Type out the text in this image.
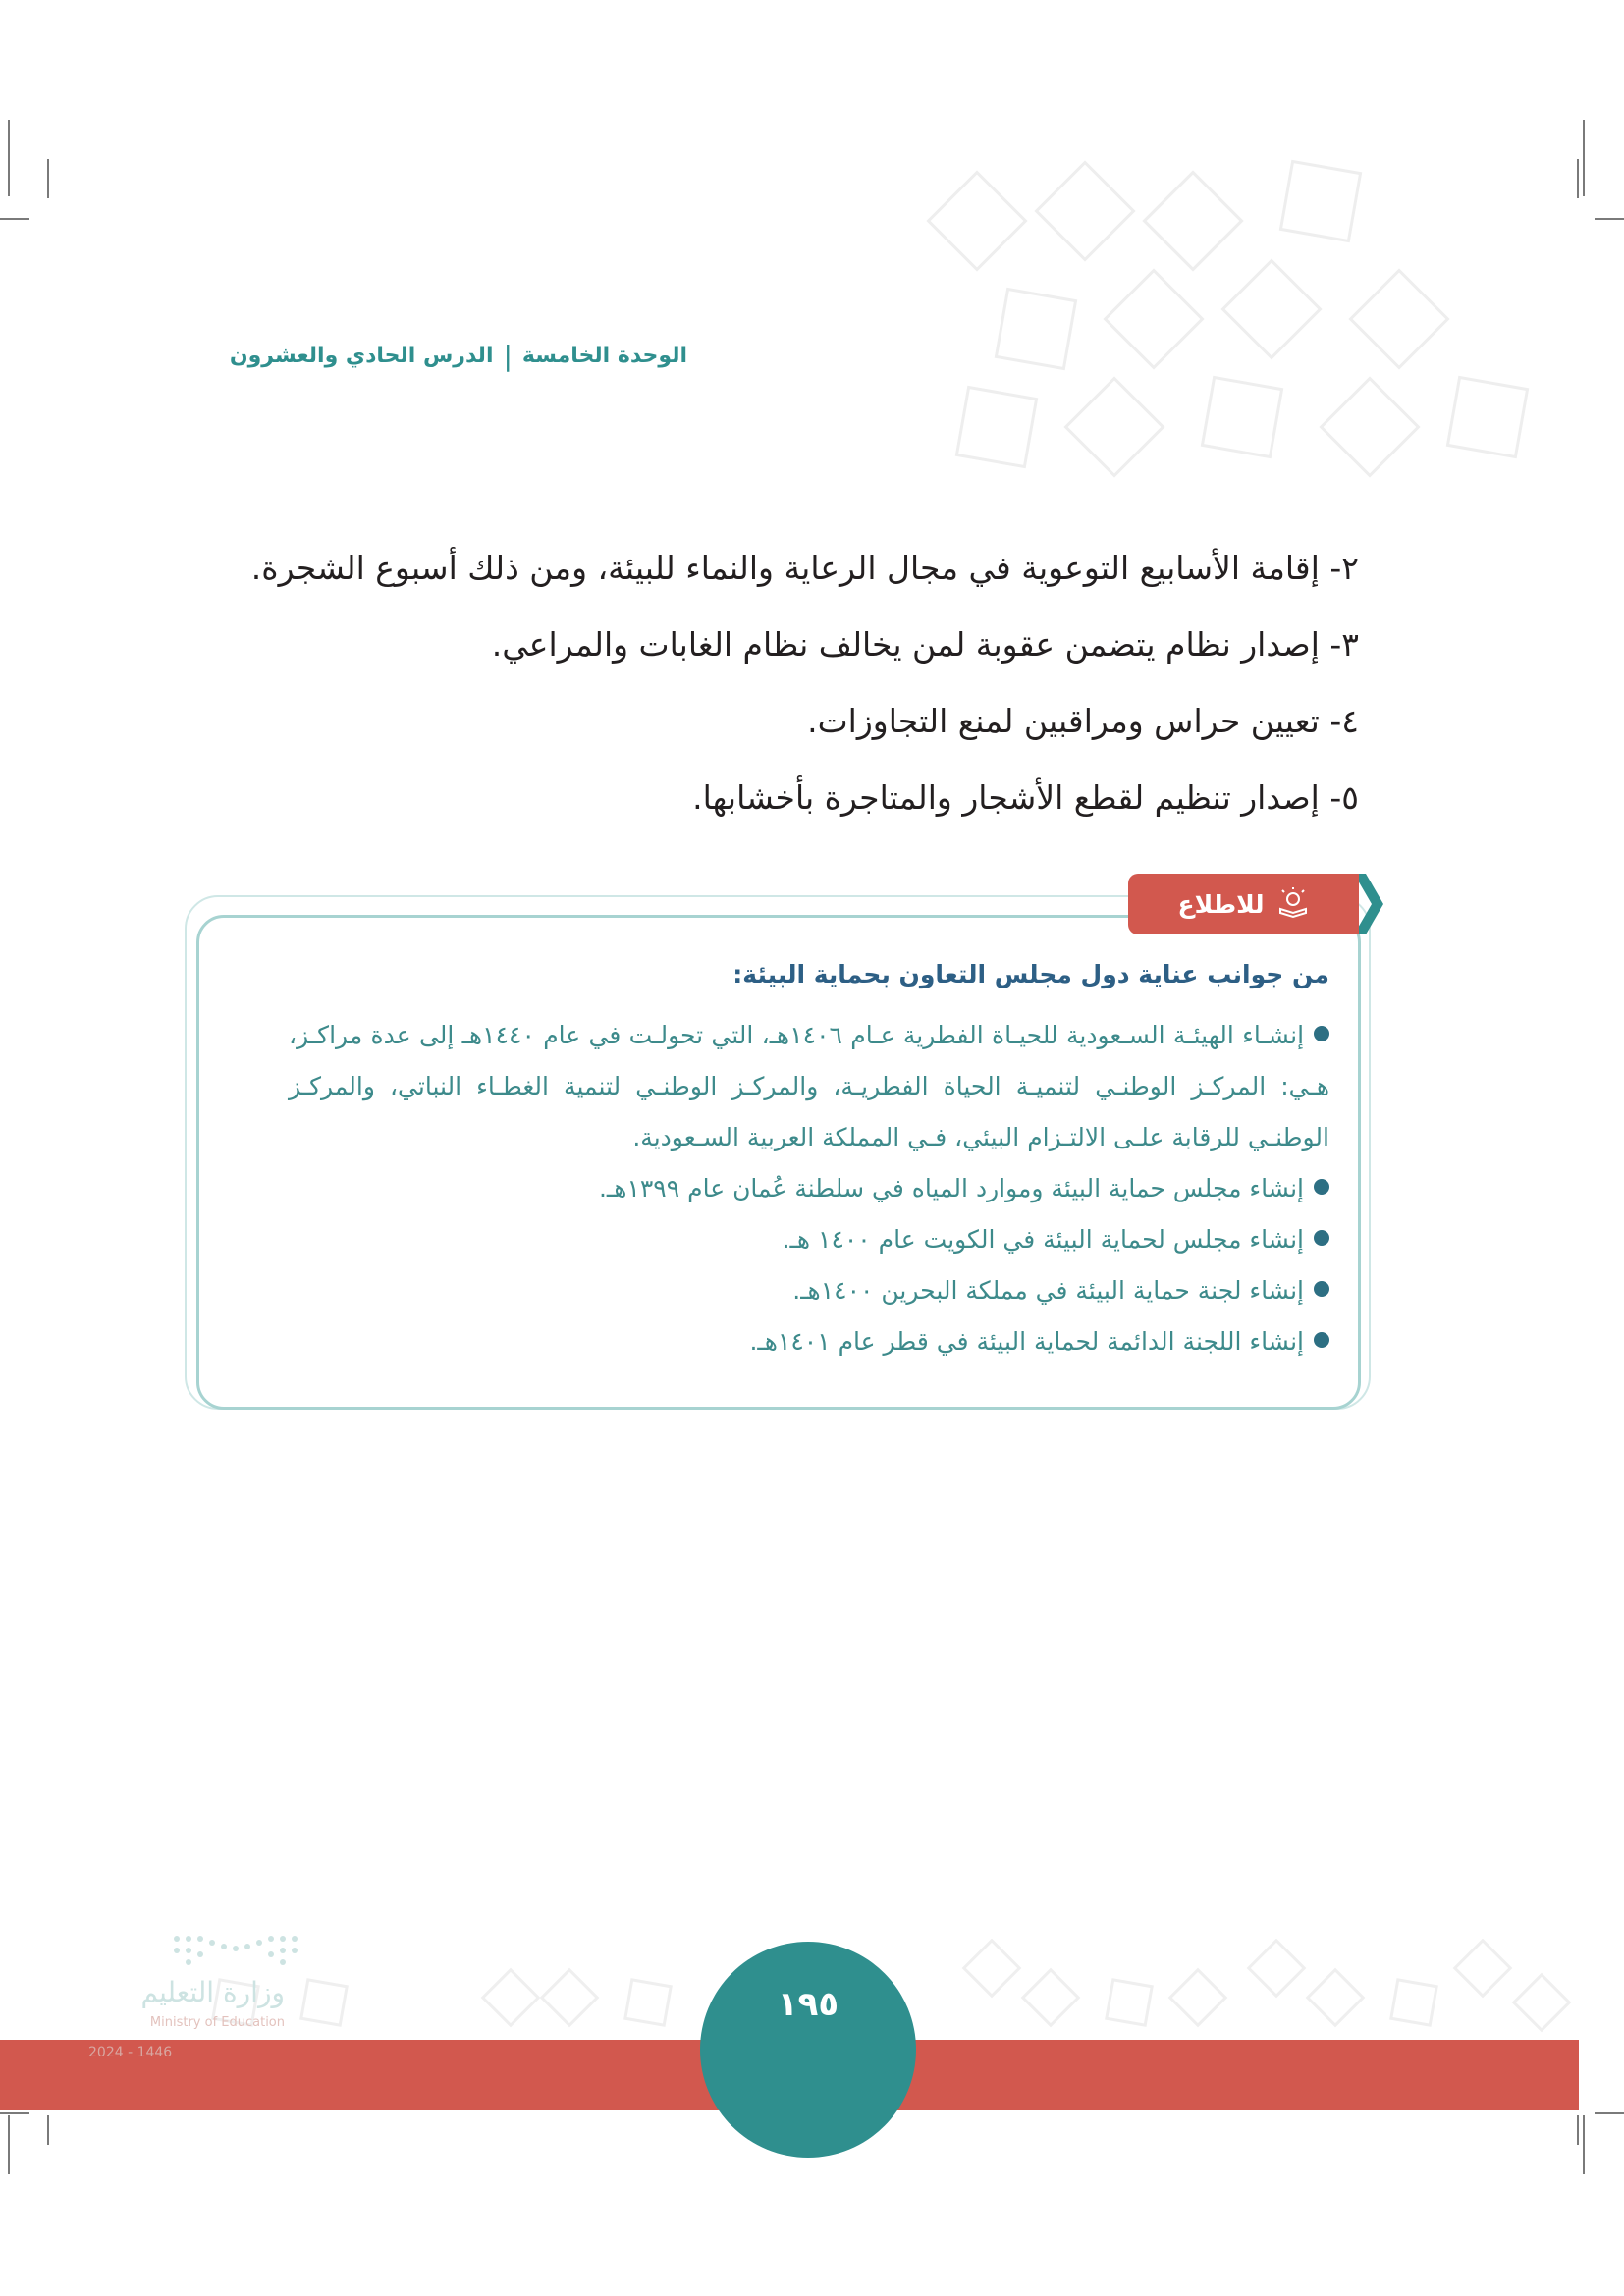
الوحدة الخامسة
|
الدرس الحادي والعشرون
٢- إقامة الأسابيع التوعوية في مجال الرعاية والنماء للبيئة، ومن ذلك أسبوع الشجرة.
٣- إصدار نظام يتضمن عقوبة لمن يخالف نظام الغابات والمراعي.
٤- تعيين حراس ومراقبين لمنع التجاوزات.
٥- إصدار تنظيم لقطع الأشجار والمتاجرة بأخشابها.
للاطلاع
من جوانب عناية دول مجلس التعاون بحماية البيئة:
إنشـاء الهيئـة السـعودية للحيـاة الفطرية عـام ١٤٠٦هـ، التي تحولـت في عام ١٤٤٠هـ إلى عدة مراكـز، هـي: المركـز الوطنـي لتنميـة الحياة الفطريـة، والمركـز الوطنـي لتنمية الغطـاء النباتي، والمركـز الوطنـي للرقابة علـى الالتـزام البيئي، فـي المملكة العربية السـعودية.
إنشاء مجلس حماية البيئة وموارد المياه في سلطنة عُمان عام ١٣٩٩هـ.
إنشاء مجلس لحماية البيئة في الكويت عام ١٤٠٠ هـ.
إنشاء لجنة حماية البيئة في مملكة البحرين ١٤٠٠هـ.
إنشاء اللجنة الدائمة لحماية البيئة في قطر عام ١٤٠١هـ.
١٩٥
وزارة التعليم
Ministry of Education
2024 - 1446
